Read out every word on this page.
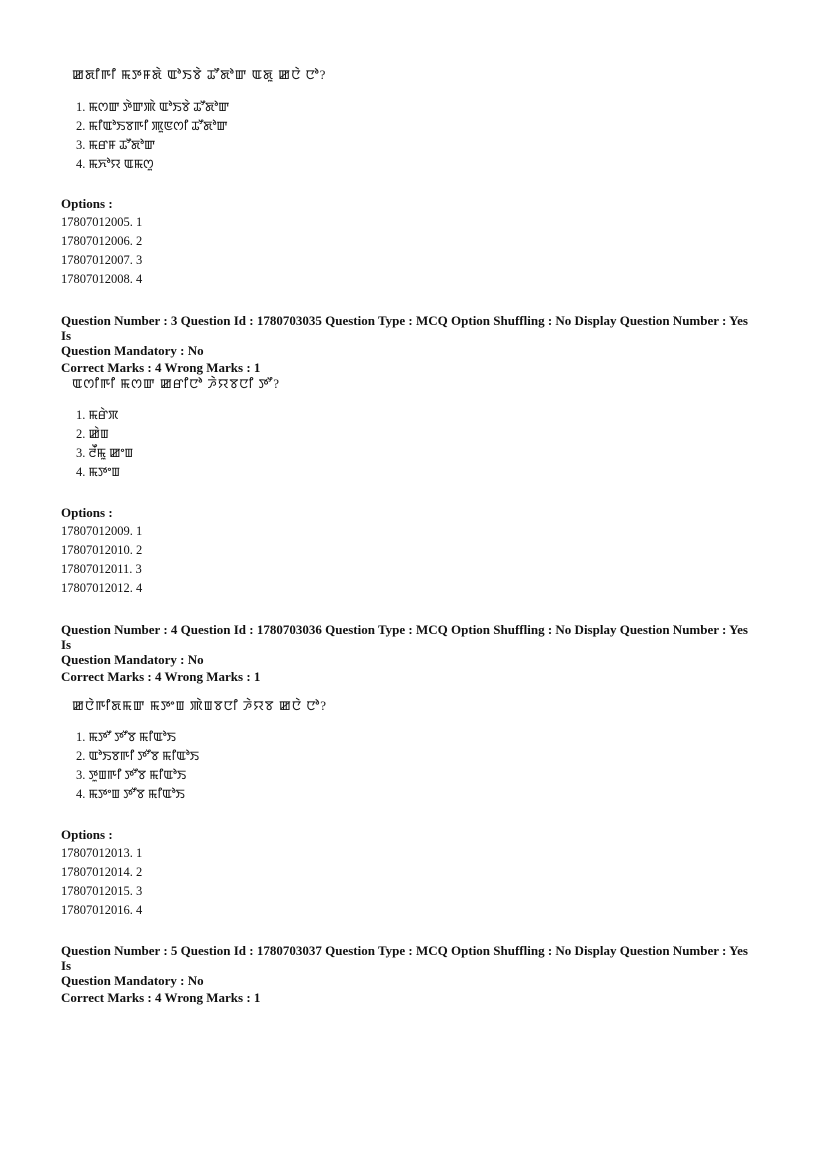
ꯀꯗꯤꯒꯤ ꯃꯇꯝꯗꯥ ꯑꯣꯏꯕꯥ ꯊꯧꯗꯣꯛ ꯑꯗꯨ ꯀꯅꯥ ꯅꯣ?
1. ꯃꯁꯛ ꯇꯥꯛꯄꯥ ꯑꯣꯏꯕꯥ ꯊꯧꯗꯣꯛ
2. ꯃꯤꯑꯣꯏꯕꯒꯤ ꯄꯨꯟꯁꯤ ꯊꯧꯗꯣꯛ
3. ꯃꯔꯝ ꯊꯧꯗꯣꯛ
4. ꯃꯈꯣꯌ ꯑꯃꯁꯨ
Options :
17807012005. 1
17807012006. 2
17807012007. 3
17807012008. 4
Question Number : 3 Question Id : 1780703035 Question Type : MCQ Option Shuffling : No Display Question Number : Yes Is
Question Mandatory : No
Correct Marks : 4 Wrong Marks : 1
ꯑꯁꯤꯒꯤ ꯃꯁꯛ ꯀꯔꯤꯅꯣ ꯍꯥꯌꯕꯅꯤ ꯇꯧ?
1. ꯃꯔꯥꯞ
2. ꯀꯥꯡ
3. ꯂꯩꯃꯨ ꯀꯦꯡ
4. ꯃꯇꯦꯡ
Options :
17807012009. 1
17807012010. 2
17807012011. 3
17807012012. 4
Question Number : 4 Question Id : 1780703036 Question Type : MCQ Option Shuffling : No Display Question Number : Yes Is
Question Mandatory : No
Correct Marks : 4 Wrong Marks : 1
ꯀꯅꯥꯒꯤꯗꯃꯛ ꯃꯇꯦꯡ ꯄꯥꯡꯕꯅꯤ ꯍꯥꯌꯕ ꯀꯅꯥ ꯅꯣ?
1. ꯃꯇꯧ ꯇꯧꯕ ꯃꯤꯑꯣꯏ
2. ꯑꯣꯏꯕꯒꯤ ꯇꯧꯕ ꯃꯤꯑꯣꯏ
3. ꯇꯨꯡꯒꯤ ꯇꯧꯕ ꯃꯤꯑꯣꯏ
4. ꯃꯇꯦꯡ ꯇꯧꯕ ꯃꯤꯑꯣꯏ
Options :
17807012013. 1
17807012014. 2
17807012015. 3
17807012016. 4
Question Number : 5 Question Id : 1780703037 Question Type : MCQ Option Shuffling : No Display Question Number : Yes Is
Question Mandatory : No
Correct Marks : 4 Wrong Marks : 1
